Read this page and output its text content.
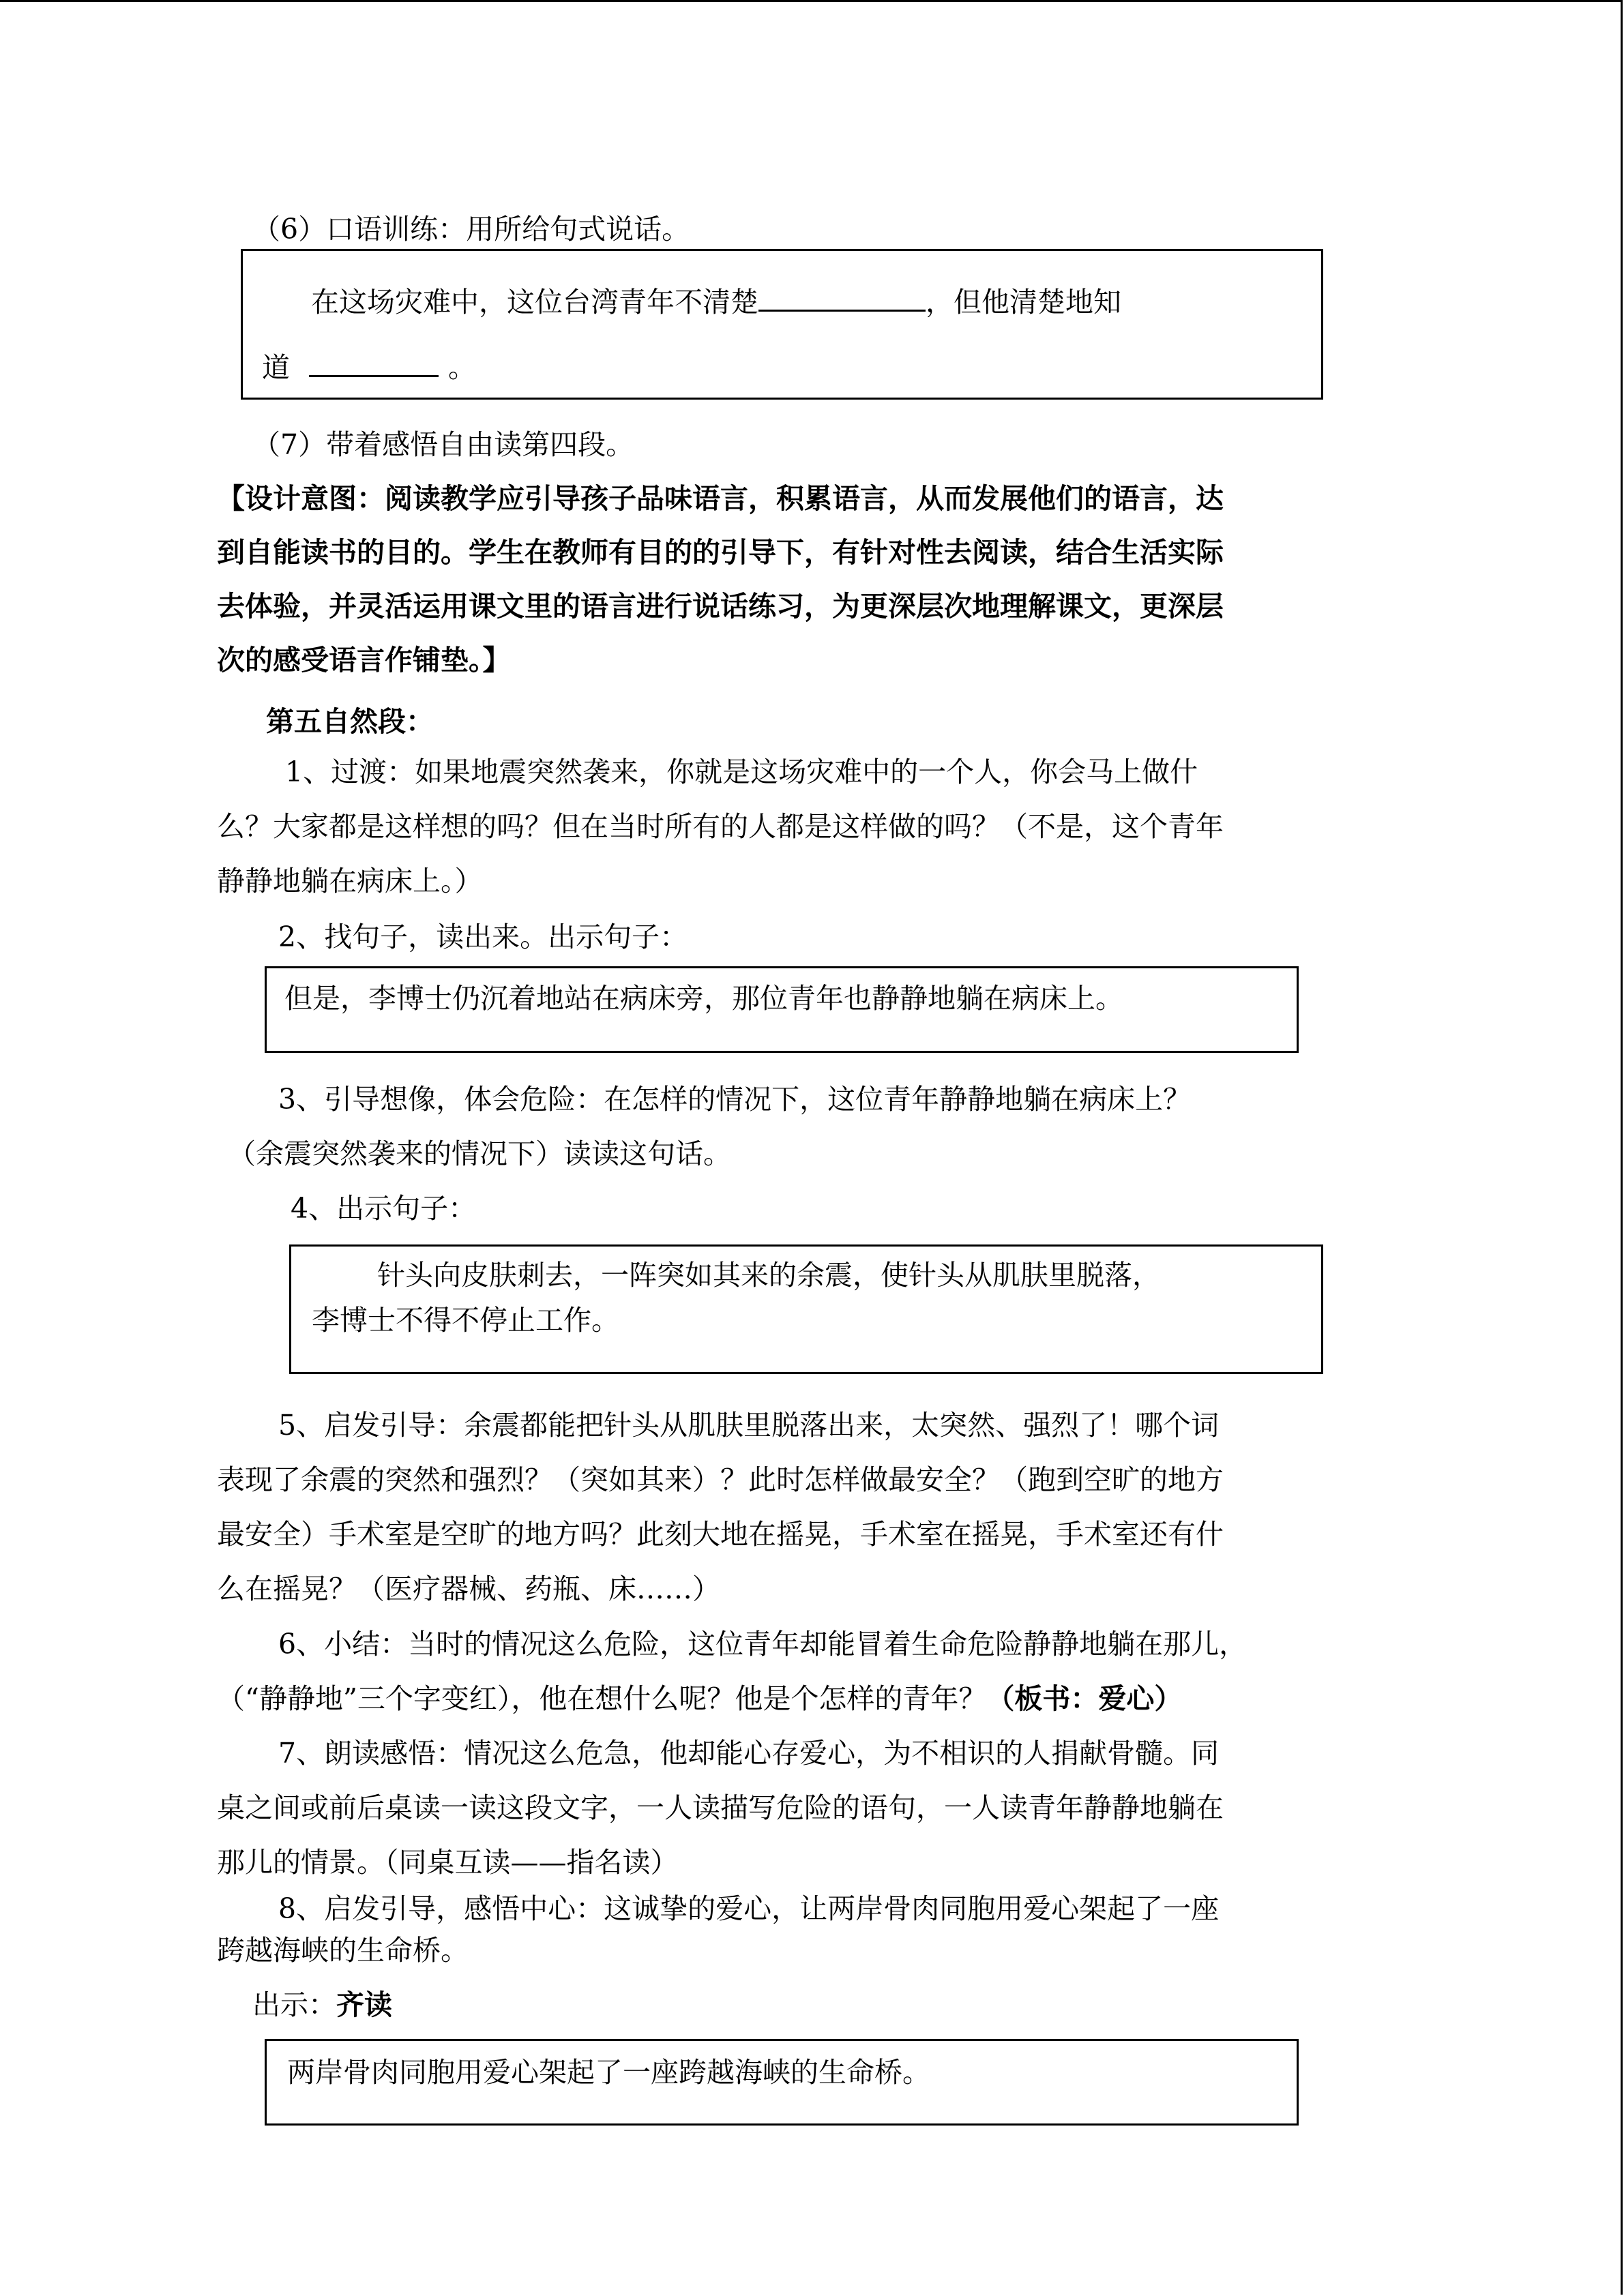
（6）口语训练：用所给句式说话。
在这场灾难中，这位台湾青年不清楚	，但他清楚地知
道	。
（7）带着感悟自由读第四段。
【设计意图：阅读教学应引导孩子品味语言，积累语言，从而发展他们的语言，达
到自能读书的目的。学生在教师有目的的引导下，有针对性去阅读，结合生活实际
去体验，并灵活运用课文里的语言进行说话练习，为更深层次地理解课文，更深层
次的感受语言作铺垫。】
第五自然段：
1、过渡：如果地震突然袭来，你就是这场灾难中的一个人，你会马上做什
么？大家都是这样想的吗？但在当时所有的人都是这样做的吗？（不是，这个青年
静静地躺在病床上。）
2、找句子，读出来。出示句子：
但是，李博士仍沉着地站在病床旁，那位青年也静静地躺在病床上。
3、引导想像，体会危险：在怎样的情况下，这位青年静静地躺在病床上？
（余震突然袭来的情况下）读读这句话。
4、出示句子：
针头向皮肤刺去，一阵突如其来的余震，使针头从肌肤里脱落，
李博士不得不停止工作。
5、启发引导：余震都能把针头从肌肤里脱落出来，太突然、强烈了！哪个词
表现了余震的突然和强烈？（突如其来）？此时怎样做最安全？（跑到空旷的地方
最安全）手术室是空旷的地方吗？此刻大地在摇晃，手术室在摇晃，手术室还有什
么在摇晃？（医疗器械、药瓶、床……）
6、小结：当时的情况这么危险，这位青年却能冒着生命危险静静地躺在那儿，
（“静静地”三个字变红），他在想什么呢？他是个怎样的青年？（板书：爱心）
7、朗读感悟：情况这么危急，他却能心存爱心，为不相识的人捐献骨髓。同
桌之间或前后桌读一读这段文字，一人读描写危险的语句，一人读青年静静地躺在
那儿的情景。（同桌互读——指名读）
8、启发引导，感悟中心：这诚挚的爱心，让两岸骨肉同胞用爱心架起了一座
跨越海峡的生命桥。
出示：齐读
两岸骨肉同胞用爱心架起了一座跨越海峡的生命桥。
